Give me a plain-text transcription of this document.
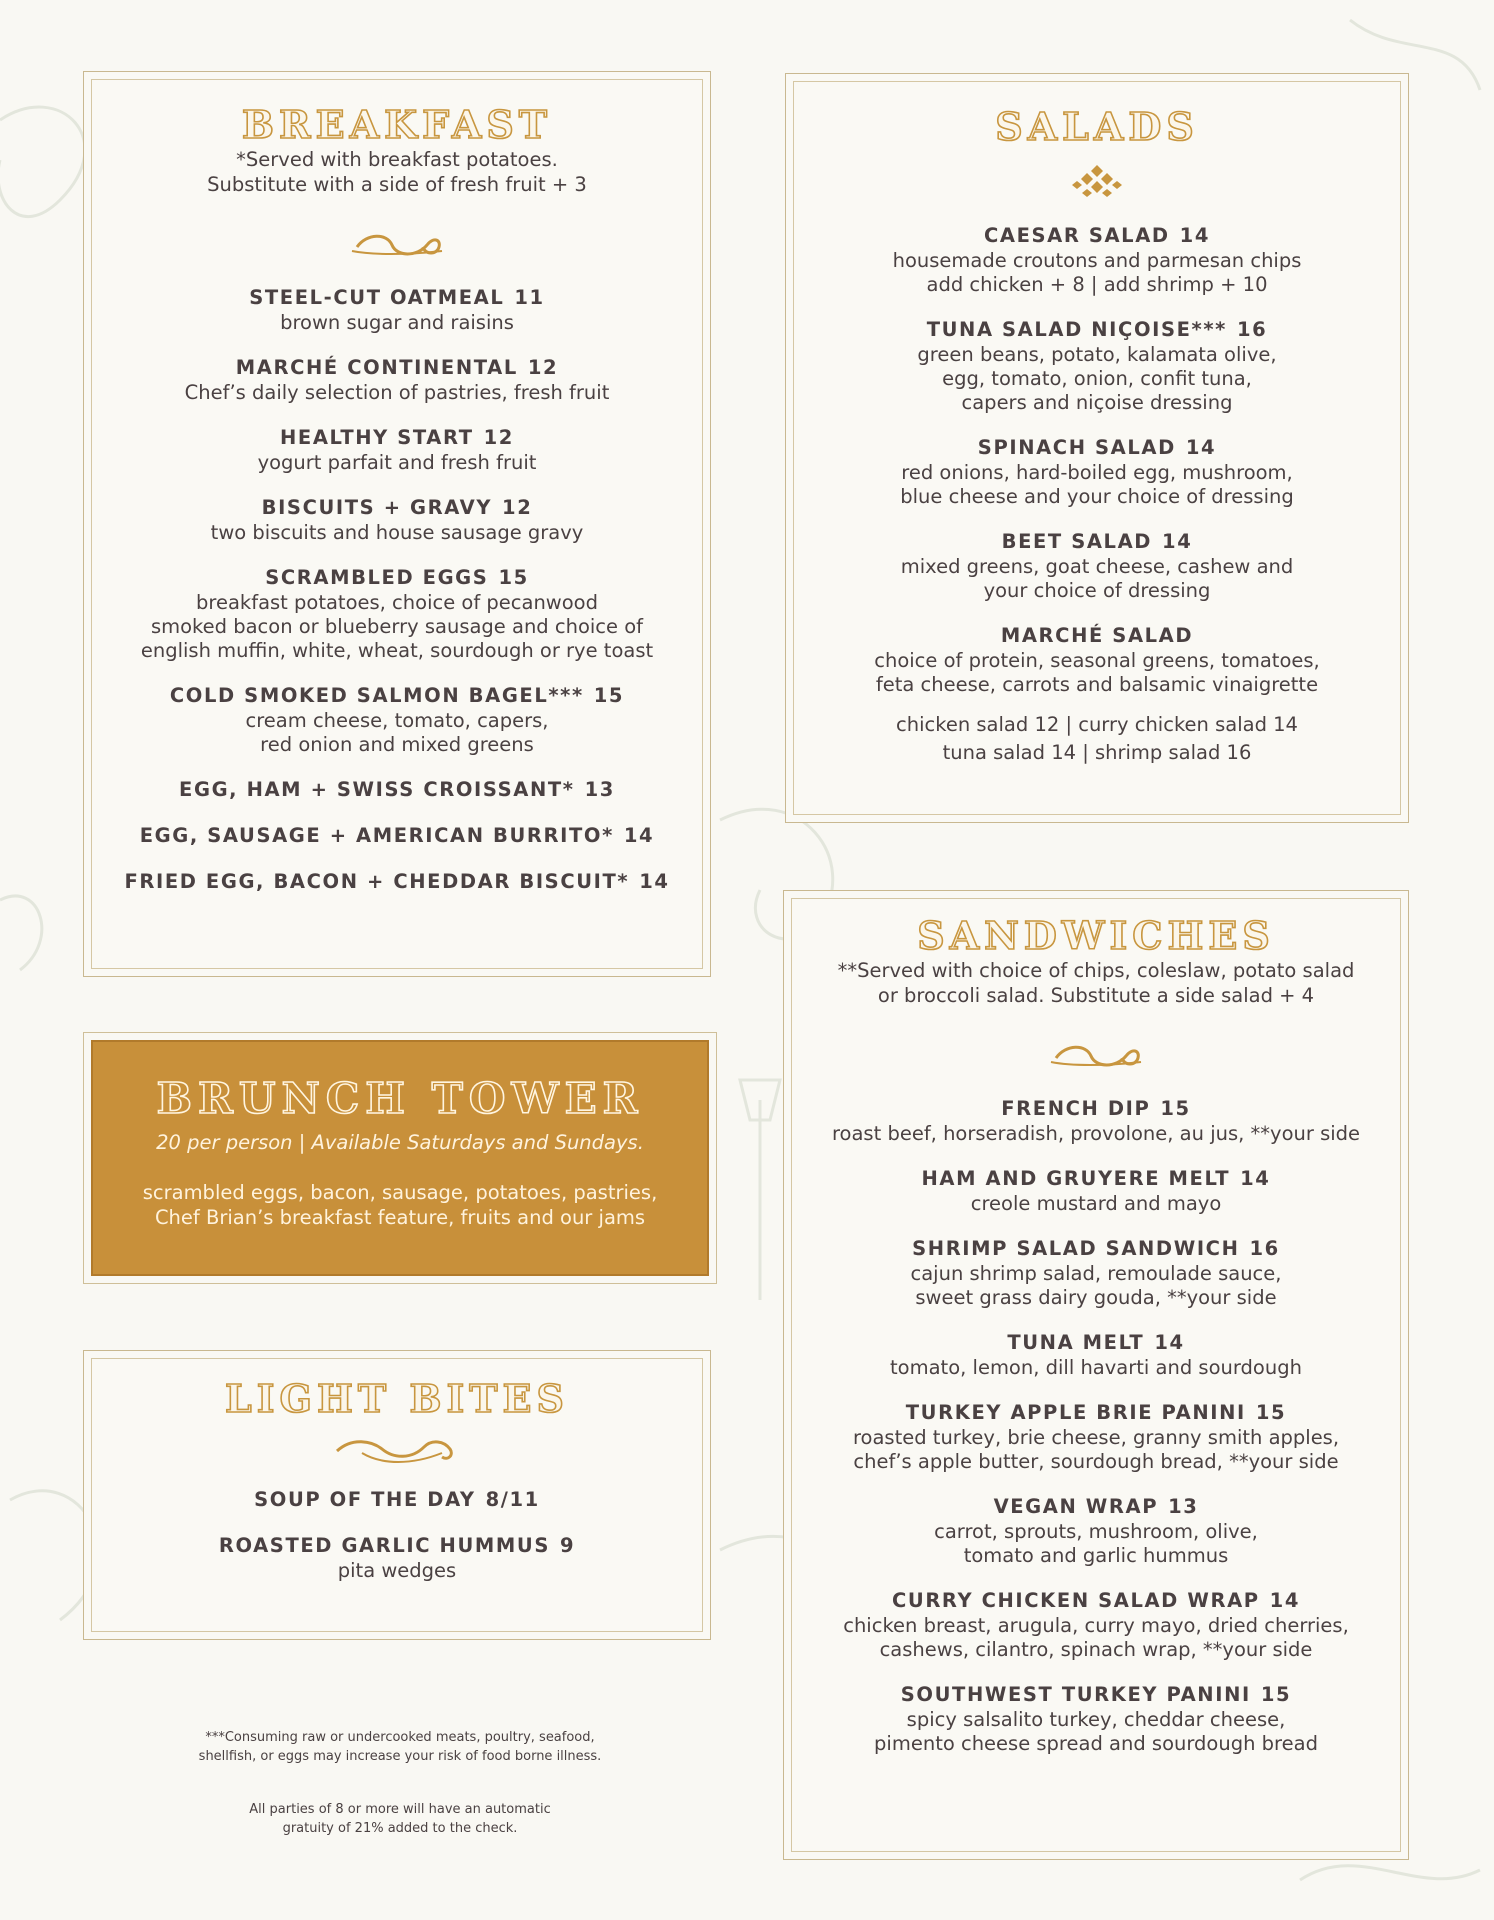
BREAKFAST
*Served with breakfast potatoes.
Substitute with a side of fresh fruit + 3
STEEL-CUT OATMEAL 11
brown sugar and raisins
MARCHÉ CONTINENTAL 12
Chef’s daily selection of pastries, fresh fruit
HEALTHY START 12
yogurt parfait and fresh fruit
BISCUITS + GRAVY 12
two biscuits and house sausage gravy
SCRAMBLED EGGS 15
breakfast potatoes, choice of pecanwood
smoked bacon or blueberry sausage and choice of
english muffin, white, wheat, sourdough or rye toast
COLD SMOKED SALMON BAGEL*** 15
cream cheese, tomato, capers,
red onion and mixed greens
EGG, HAM + SWISS CROISSANT* 13
EGG, SAUSAGE + AMERICAN BURRITO* 14
FRIED EGG, BACON + CHEDDAR BISCUIT* 14
BRUNCH TOWER
20 per person | Available Saturdays and Sundays.
scrambled eggs, bacon, sausage, potatoes, pastries,
Chef Brian’s breakfast feature, fruits and our jams
LIGHT BITES
SOUP OF THE DAY 8/11
ROASTED GARLIC HUMMUS 9
pita wedges
***Consuming raw or undercooked meats, poultry, seafood,
shellfish, or eggs may increase your risk of food borne illness.
All parties of 8 or more will have an automatic
gratuity of 21% added to the check.
SALADS
CAESAR SALAD 14
housemade croutons and parmesan chips
add chicken + 8 | add shrimp + 10
TUNA SALAD NIÇOISE*** 16
green beans, potato, kalamata olive,
egg, tomato, onion, confit tuna,
capers and niçoise dressing
SPINACH SALAD 14
red onions, hard-boiled egg, mushroom,
blue cheese and your choice of dressing
BEET SALAD 14
mixed greens, goat cheese, cashew and
your choice of dressing
MARCHÉ SALAD
choice of protein, seasonal greens, tomatoes,
feta cheese, carrots and balsamic vinaigrette
chicken salad 12 | curry chicken salad 14
tuna salad 14 | shrimp salad 16
SANDWICHES
**Served with choice of chips, coleslaw, potato salad
or broccoli salad. Substitute a side salad + 4
FRENCH DIP 15
roast beef, horseradish, provolone, au jus, **your side
HAM AND GRUYERE MELT 14
creole mustard and mayo
SHRIMP SALAD SANDWICH 16
cajun shrimp salad, remoulade sauce,
sweet grass dairy gouda, **your side
TUNA MELT 14
tomato, lemon, dill havarti and sourdough
TURKEY APPLE BRIE PANINI 15
roasted turkey, brie cheese, granny smith apples,
chef’s apple butter, sourdough bread, **your side
VEGAN WRAP 13
carrot, sprouts, mushroom, olive,
tomato and garlic hummus
CURRY CHICKEN SALAD WRAP 14
chicken breast, arugula, curry mayo, dried cherries,
cashews, cilantro, spinach wrap, **your side
SOUTHWEST TURKEY PANINI 15
spicy salsalito turkey, cheddar cheese,
pimento cheese spread and sourdough bread
